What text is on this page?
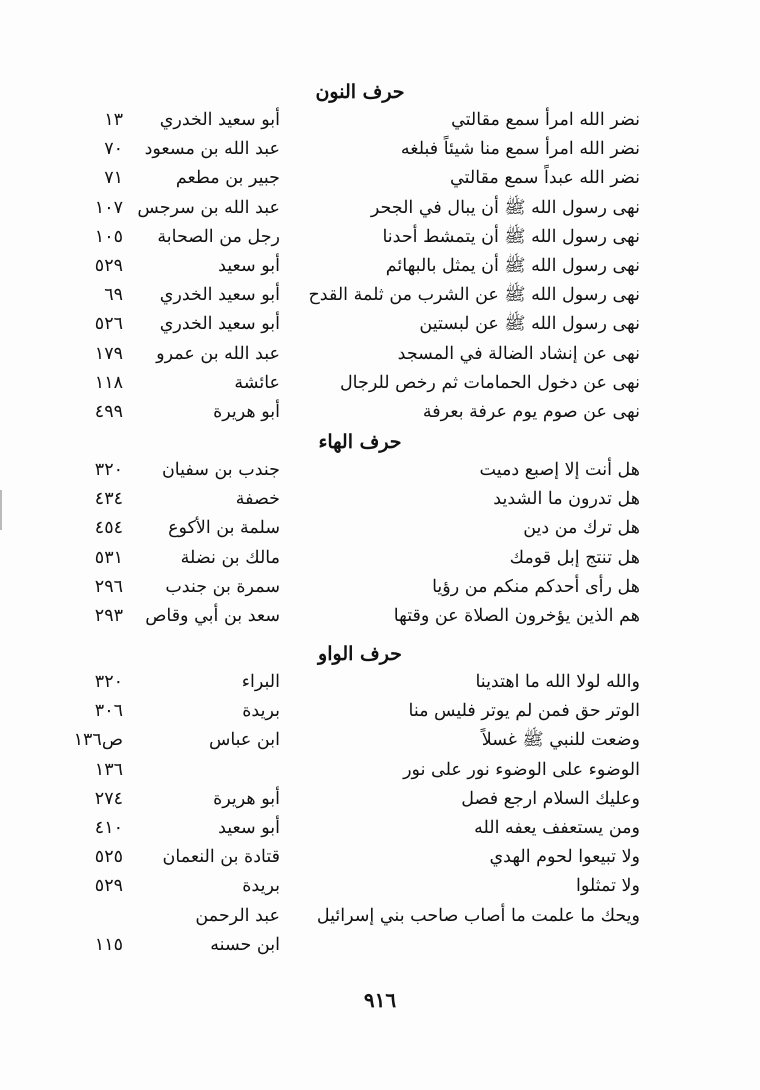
حرف النون
نضر الله امرأ سمع مقالتي
أبو سعيد الخدري
١٣
نضر الله امرأ سمع منا شيئاً فبلغه
عبد الله بن مسعود
٧٠
نضر الله عبداً سمع مقالتي
جبير بن مطعم
٧١
نهى رسول الله ﷺ أن يبال في الجحر
عبد الله بن سرجس
١٠٧
نهى رسول الله ﷺ أن يتمشط أحدنا
رجل من الصحابة
١٠٥
نهى رسول الله ﷺ أن يمثل بالبهائم
أبو سعيد
٥٢٩
نهى رسول الله ﷺ عن الشرب من ثلمة القدح
أبو سعيد الخدري
٦٩
نهى رسول الله ﷺ عن لبستين
أبو سعيد الخدري
٥٢٦
نهى عن إنشاد الضالة في المسجد
عبد الله بن عمرو
١٧٩
نهى عن دخول الحمامات ثم رخص للرجال
عائشة
١١٨
نهى عن صوم يوم عرفة بعرفة
أبو هريرة
٤٩٩
حرف الهاء
هل أنت إلا إصبع دميت
جندب بن سفيان
٣٢٠
هل تدرون ما الشديد
خصفة
٤٣٤
هل ترك من دين
سلمة بن الأكوع
٤٥٤
هل تنتج إبل قومك
مالك بن نضلة
٥٣١
هل رأى أحدكم منكم من رؤيا
سمرة بن جندب
٢٩٦
هم الذين يؤخرون الصلاة عن وقتها
سعد بن أبي وقاص
٢٩٣
حرف الواو
والله لولا الله ما اهتدينا
البراء
٣٢٠
الوتر حق فمن لم يوتر فليس منا
بريدة
٣٠٦
وضعت للنبي ﷺ غسلاً
ابن عباس
ص١٣٦
الوضوء على الوضوء نور على نور
١٣٦
وعليك السلام ارجع فصل
أبو هريرة
٢٧٤
ومن يستعفف يعفه الله
أبو سعيد
٤١٠
ولا تبيعوا لحوم الهدي
قتادة بن النعمان
٥٢٥
ولا تمثلوا
بريدة
٥٢٩
ويحك ما علمت ما أصاب صاحب بني إسرائيل
عبد الرحمن
ابن حسنه
١١٥
٩١٦
